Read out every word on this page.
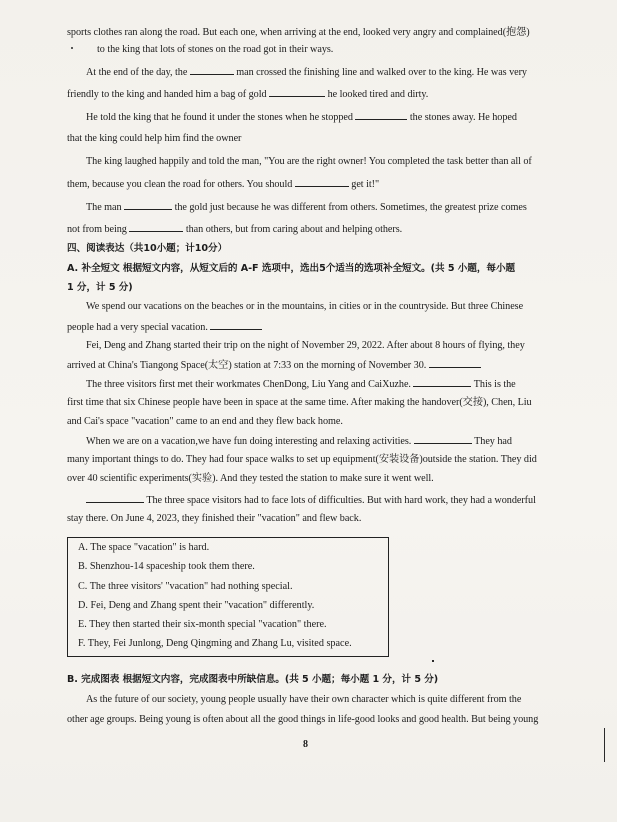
sports clothes ran along the road. But each one, when arriving at the end, looked very angry and complained(抱怨)
to the king that lots of stones on the road got in their ways.
At the end of the day, the	man crossed the finishing line and walked over to the king. He was very
friendly to the king and handed him a bag of gold	he looked tired and dirty.
He told the king that he found it under the stones when he stopped	the stones away. He hoped
that the king could help him find the owner
The king laughed happily and told the man, "You are the right owner! You completed the task better than all of
them, because you clean the road for others. You should	get it!"
The man	the gold just because he was different from others. Sometimes, the greatest prize comes
not from being	than others, but from caring about and helping others.
四、阅读表达（共10小题；计10分）
A. 补全短文 根据短文内容，从短文后的 A-F 选项中，选出5个适当的选项补全短文。(共 5 小题，每小题
1 分，计 5 分)
We spend our vacations on the beaches or in the mountains, in cities or in the countryside. But three Chinese
people had a very special vacation.
Fei, Deng and Zhang started their trip on the night of November 29, 2022. After about 8 hours of flying, they
arrived at China's Tiangong Space(太空) station at 7:33 on the morning of November 30.
The three visitors first met their workmates ChenDong, Liu Yang and CaiXuzhe.	This is the
first time that six Chinese people have been in space at the same time. After making the handover(交接), Chen, Liu
and Cai's space "vacation" came to an end and they flew back home.
When we are on a vacation,we have fun doing interesting and relaxing activities.	They had
many important things to do. They had four space walks to set up equipment(安装设备)outside the station. They did
over 40 scientific experiments(实验). And they tested the station to make sure it went well.
The three space visitors had to face lots of difficulties. But with hard work, they had a wonderful
stay there. On June 4, 2023, they finished their "vacation" and flew back.
A. The space "vacation" is hard.
B. Shenzhou-14 spaceship took them there.
C. The three visitors' "vacation" had nothing special.
D. Fei, Deng and Zhang spent their "vacation" differently.
E. They then started their six-month special "vacation" there.
F. They, Fei Junlong, Deng Qingming and Zhang Lu, visited space.
B. 完成图表 根据短文内容，完成图表中所缺信息。(共 5 小题；每小题 1 分，计 5 分)
As the future of our society, young people usually have their own character which is quite different from the
other age groups. Being young is often about all the good things in life-good looks and good health. But being young
8
